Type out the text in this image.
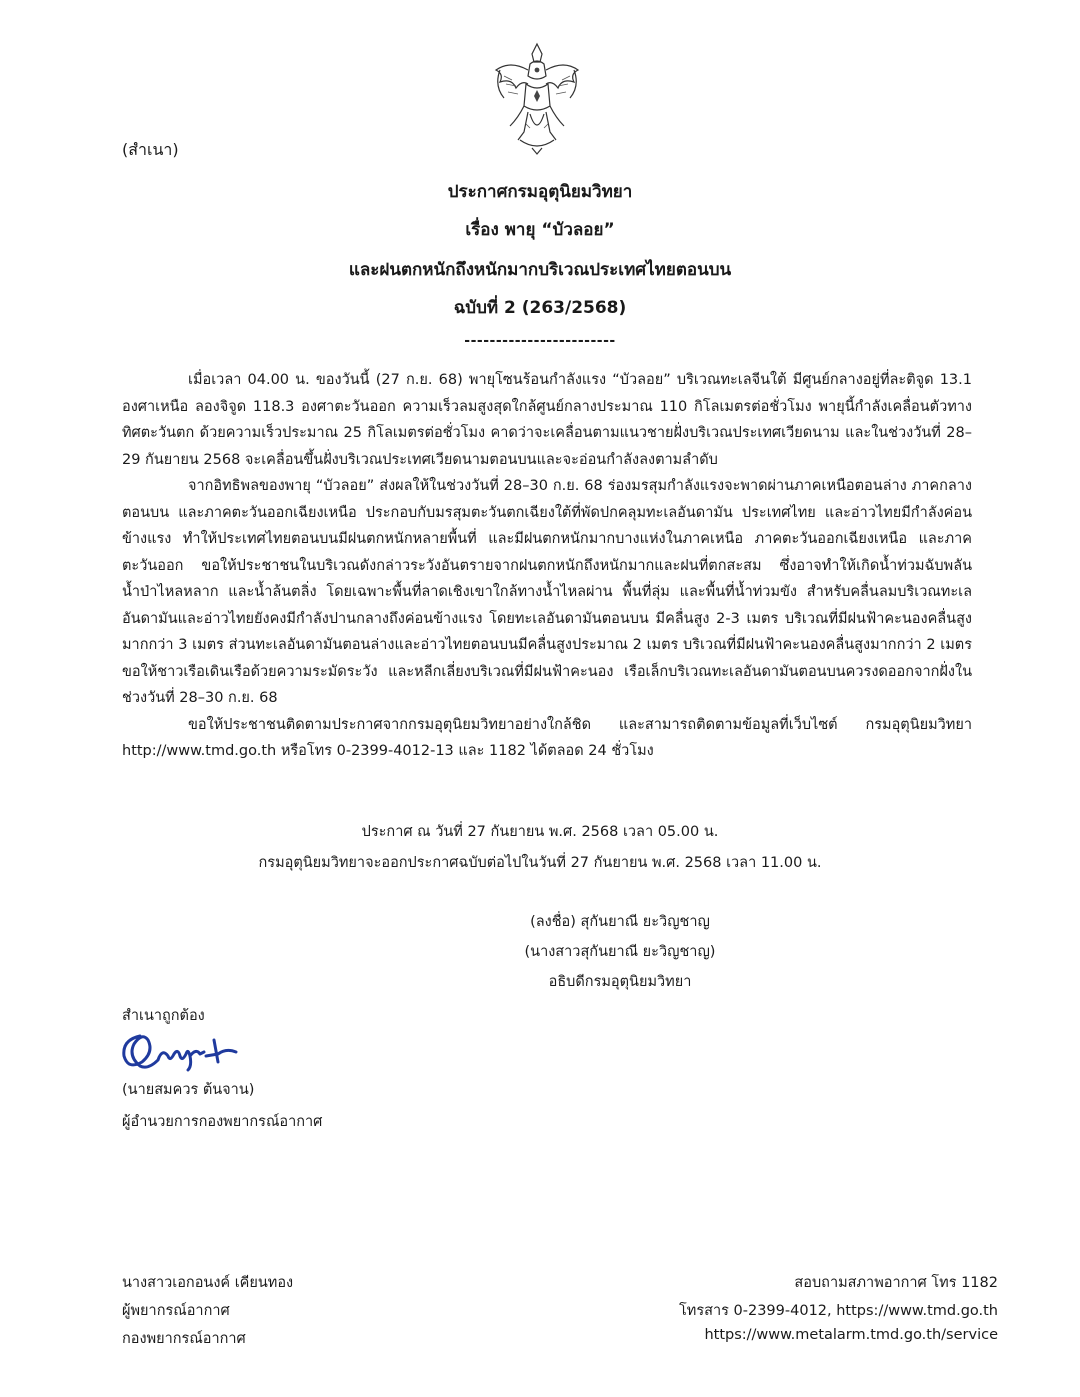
(สำเนา)
ประกาศกรมอุตุนิยมวิทยา
เรื่อง พายุ “บัวลอย”
และฝนตกหนักถึงหนักมากบริเวณประเทศไทยตอนบน
ฉบับที่ 2 (263/2568)
------------------------

เมื่อเวลา 04.00 น. ของวันนี้ (27 ก.ย. 68) พายุโซนร้อนกำลังแรง “บัวลอย” บริเวณทะเลจีนใต้ มีศูนย์กลางอยู่ที่ละติจูด 13.1 องศาเหนือ ลองจิจูด 118.3 องศาตะวันออก ความเร็วลมสูงสุดใกล้ศูนย์กลางประมาณ 110 กิโลเมตรต่อชั่วโมง พายุนี้กำลังเคลื่อนตัวทางทิศตะวันตก ด้วยความเร็วประมาณ 25 กิโลเมตรต่อชั่วโมง คาดว่าจะเคลื่อนตามแนวชายฝั่งบริเวณประเทศเวียดนาม และในช่วงวันที่ 28–29 กันยายน 2568 จะเคลื่อนขึ้นฝั่งบริเวณประเทศเวียดนามตอนบนและจะอ่อนกำลังลงตามลำดับ

จากอิทธิพลของพายุ “บัวลอย” ส่งผลให้ในช่วงวันที่ 28–30 ก.ย. 68 ร่องมรสุมกำลังแรงจะพาดผ่านภาคเหนือตอนล่าง ภาคกลางตอนบน และภาคตะวันออกเฉียงเหนือ ประกอบกับมรสุมตะวันตกเฉียงใต้ที่พัดปกคลุมทะเลอันดามัน ประเทศไทย และอ่าวไทยมีกำลังค่อนข้างแรง ทำให้ประเทศไทยตอนบนมีฝนตกหนักหลายพื้นที่ และมีฝนตกหนักมากบางแห่งในภาคเหนือ ภาคตะวันออกเฉียงเหนือ และภาคตะวันออก ขอให้ประชาชนในบริเวณดังกล่าวระวังอันตรายจากฝนตกหนักถึงหนักมากและฝนที่ตกสะสม ซึ่งอาจทำให้เกิดน้ำท่วมฉับพลัน น้ำป่าไหลหลาก และน้ำล้นตลิ่ง โดยเฉพาะพื้นที่ลาดเชิงเขาใกล้ทางน้ำไหลผ่าน พื้นที่ลุ่ม และพื้นที่น้ำท่วมขัง สำหรับคลื่นลมบริเวณทะเลอันดามันและอ่าวไทยยังคงมีกำลังปานกลางถึงค่อนข้างแรง โดยทะเลอันดามันตอนบน มีคลื่นสูง 2-3 เมตร บริเวณที่มีฝนฟ้าคะนองคลื่นสูงมากกว่า 3 เมตร ส่วนทะเลอันดามันตอนล่างและอ่าวไทยตอนบนมีคลื่นสูงประมาณ 2 เมตร บริเวณที่มีฝนฟ้าคะนองคลื่นสูงมากกว่า 2 เมตร ขอให้ชาวเรือเดินเรือด้วยความระมัดระวัง และหลีกเลี่ยงบริเวณที่มีฝนฟ้าคะนอง เรือเล็กบริเวณทะเลอันดามันตอนบนควรงดออกจากฝั่งในช่วงวันที่ 28–30 ก.ย. 68

ขอให้ประชาชนติดตามประกาศจากกรมอุตุนิยมวิทยาอย่างใกล้ชิด และสามารถติดตามข้อมูลที่เว็บไซต์ กรมอุตุนิยมวิทยา http://www.tmd.go.th หรือโทร 0-2399-4012-13 และ 1182 ได้ตลอด 24 ชั่วโมง

ประกาศ ณ วันที่ 27 กันยายน พ.ศ. 2568 เวลา 05.00 น.
กรมอุตุนิยมวิทยาจะออกประกาศฉบับต่อไปในวันที่ 27 กันยายน พ.ศ. 2568 เวลา 11.00 น.
(ลงชื่อ) สุกันยาณี ยะวิญชาญ
(นางสาวสุกันยาณี ยะวิญชาญ)
อธิบดีกรมอุตุนิยมวิทยา
สำเนาถูกต้อง
(นายสมควร ต้นจาน)
ผู้อำนวยการกองพยากรณ์อากาศ
นางสาวเอกอนงค์ เคียนทอง
ผู้พยากรณ์อากาศ
กองพยากรณ์อากาศ
สอบถามสภาพอากาศ โทร 1182
โทรสาร 0-2399-4012, https://www.tmd.go.th
https://www.metalarm.tmd.go.th/service
